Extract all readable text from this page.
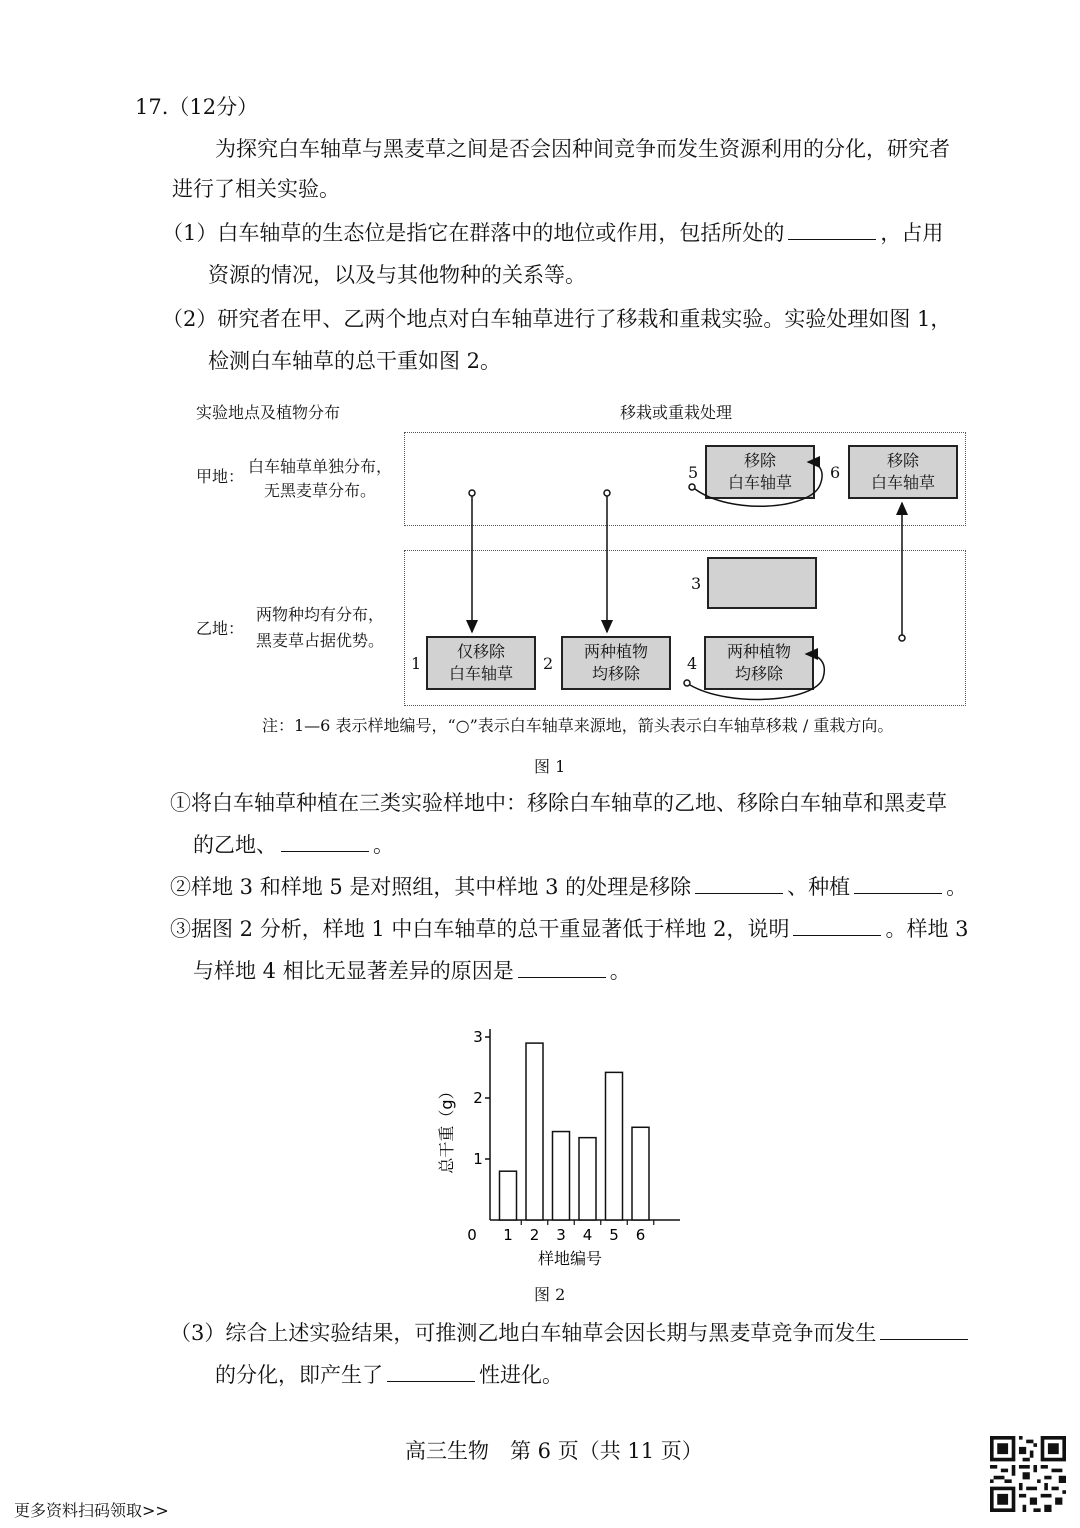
17.（12分）
为探究白车轴草与黑麦草之间是否会因种间竞争而发生资源利用的分化，研究者
进行了相关实验。
（1）白车轴草的生态位是指它在群落中的地位或作用，包括所处的	，占用
资源的情况，以及与其他物种的关系等。
（2）研究者在甲、乙两个地点对白车轴草进行了移栽和重栽实验。实验处理如图 1，
检测白车轴草的总干重如图 2。
实验地点及植物分布	移栽或重栽处理
甲地：
白车轴草单独分布，
无黑麦草分布。
乙地：
两物种均有分布，
黑麦草占据优势。
移除
白车轴草
移除
白车轴草
仅移除
白车轴草
两种植物
均移除
两种植物
均移除
5	6
3
1	2	4
注：1—6 表示样地编号，“○”表示白车轴草来源地，箭头表示白车轴草移栽 / 重栽方向。
图 1
①将白车轴草种植在三类实验样地中：移除白车轴草的乙地、移除白车轴草和黑麦草
的乙地、	。
②样地 3 和样地 5 是对照组，其中样地 3 的处理是移除	、种植	。
③据图 2 分析，样地 1 中白车轴草的总干重显著低于样地 2，说明	。样地 3
与样地 4 相比无显著差异的原因是	。
0
1
2
3
1 2 3 4 5 6
样地编号
总干重（g）
图 2
（3）综合上述实验结果，可推测乙地白车轴草会因长期与黑麦草竞争而发生
的分化，即产生了	性进化。
高三生物　第 6 页（共 11 页）
更多资料扫码领取>>
